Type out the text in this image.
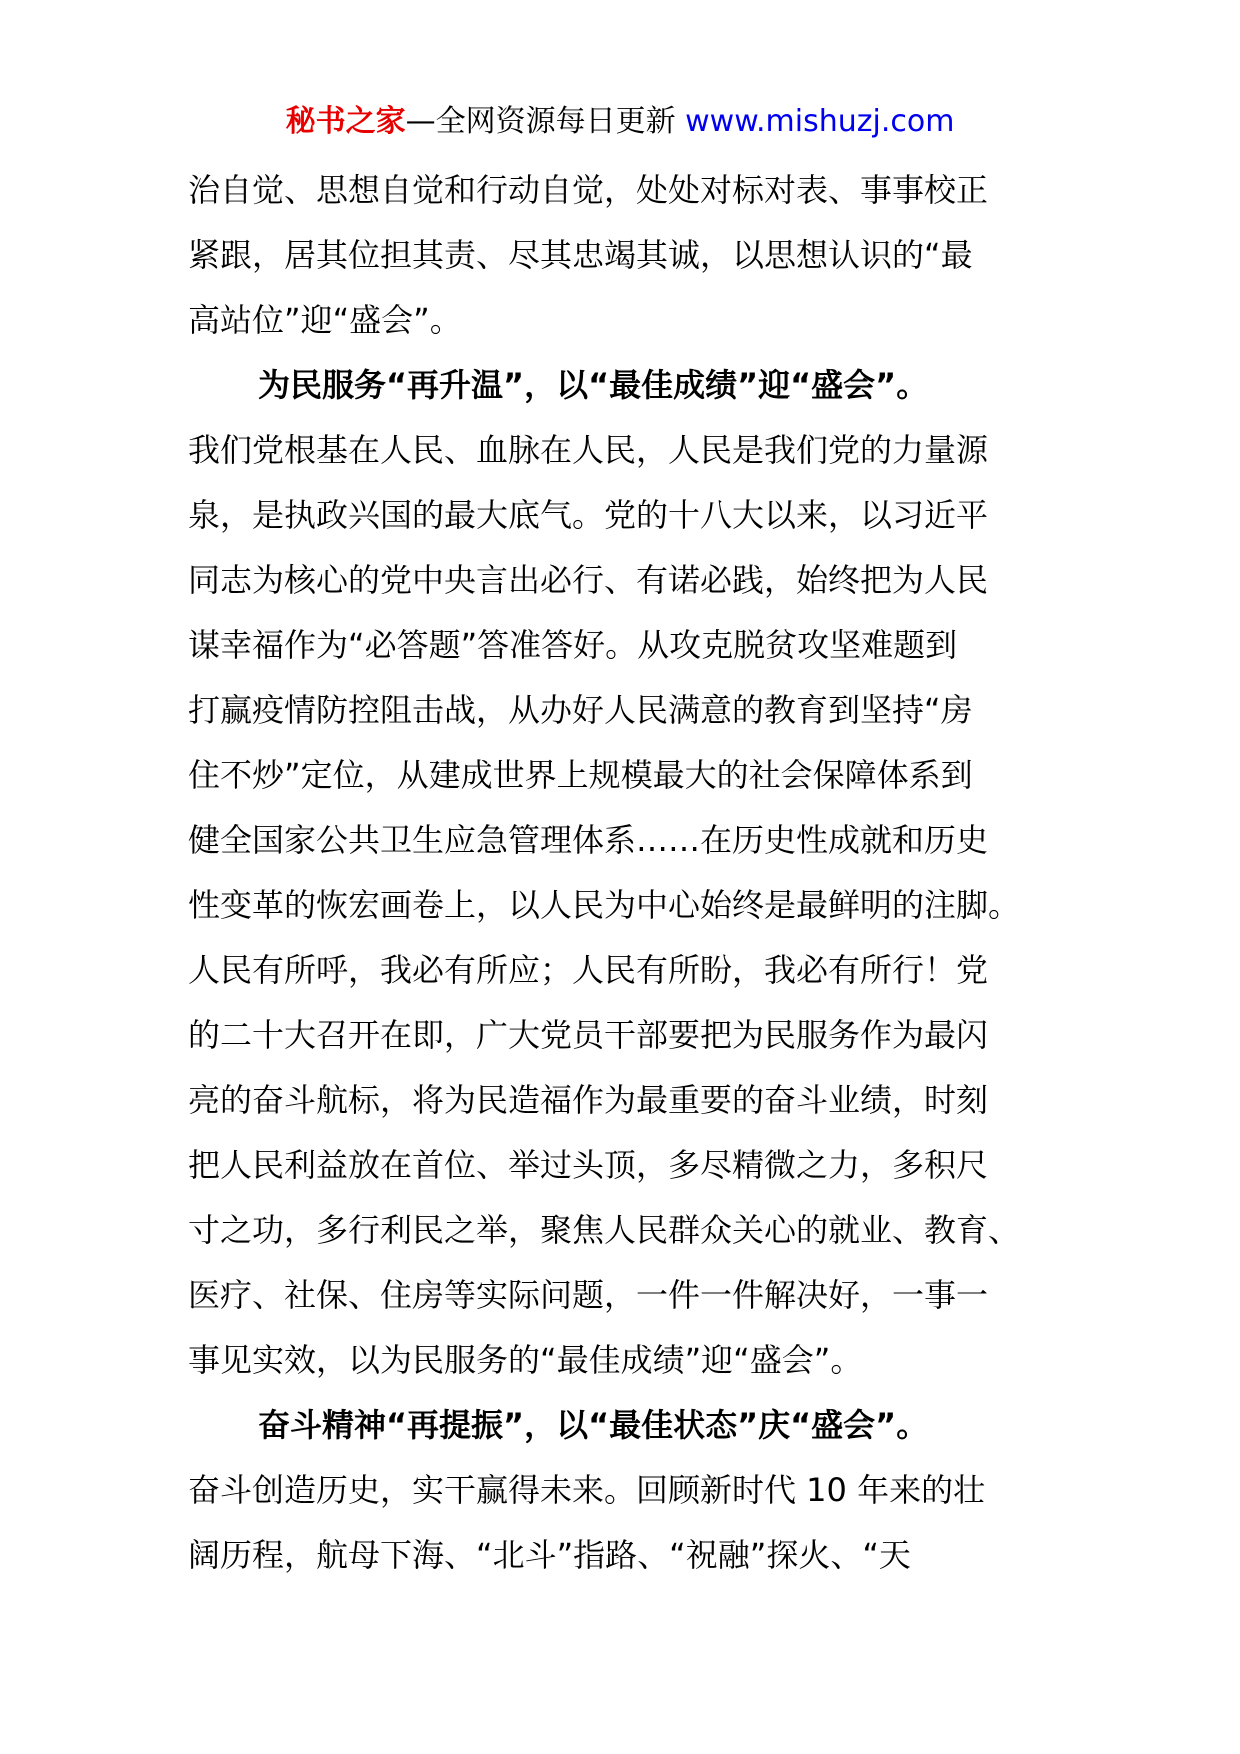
秘书之家—全网资源每日更新 www.mishuzj.com
治自觉、思想自觉和行动自觉，处处对标对表、事事校正
紧跟，居其位担其责、尽其忠竭其诚，以思想认识的“最
高站位”迎“盛会”。
为民服务“再升温”，以“最佳成绩”迎“盛会”。
我们党根基在人民、血脉在人民，人民是我们党的力量源
泉，是执政兴国的最大底气。党的十八大以来，以习近平
同志为核心的党中央言出必行、有诺必践，始终把为人民
谋幸福作为“必答题”答准答好。从攻克脱贫攻坚难题到
打赢疫情防控阻击战，从办好人民满意的教育到坚持“房
住不炒”定位，从建成世界上规模最大的社会保障体系到
健全国家公共卫生应急管理体系……在历史性成就和历史
性变革的恢宏画卷上，以人民为中心始终是最鲜明的注脚。
人民有所呼，我必有所应；人民有所盼，我必有所行！党
的二十大召开在即，广大党员干部要把为民服务作为最闪
亮的奋斗航标，将为民造福作为最重要的奋斗业绩，时刻
把人民利益放在首位、举过头顶，多尽精微之力，多积尺
寸之功，多行利民之举，聚焦人民群众关心的就业、教育、
医疗、社保、住房等实际问题，一件一件解决好，一事一
事见实效，以为民服务的“最佳成绩”迎“盛会”。
奋斗精神“再提振”，以“最佳状态”庆“盛会”。
奋斗创造历史，实干赢得未来。回顾新时代 10 年来的壮
阔历程，航母下海、“北斗”指路、“祝融”探火、“天
